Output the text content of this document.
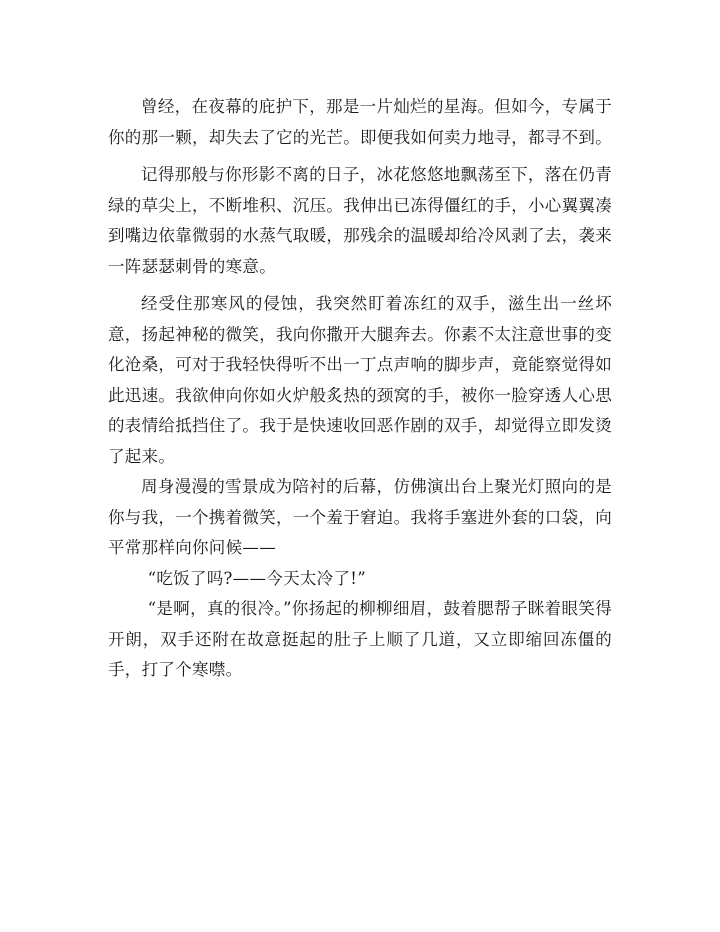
曾经，在夜幕的庇护下，那是一片灿烂的星海。但如今，专属于你的那一颗，却失去了它的光芒。即便我如何卖力地寻，都寻不到。

记得那般与你形影不离的日子，冰花悠悠地飘荡至下，落在仍青绿的草尖上，不断堆积、沉压。我伸出已冻得僵红的手，小心翼翼凑到嘴边依靠微弱的水蒸气取暖，那残余的温暖却给冷风剥了去，袭来一阵瑟瑟刺骨的寒意。

经受住那寒风的侵蚀，我突然盯着冻红的双手，滋生出一丝坏意，扬起神秘的微笑，我向你撒开大腿奔去。你素不太注意世事的变化沧桑，可对于我轻快得听不出一丁点声响的脚步声，竟能察觉得如此迅速。我欲伸向你如火炉般炙热的颈窝的手，被你一脸穿透人心思的表情给抵挡住了。我于是快速收回恶作剧的双手，却觉得立即发烫了起来。

周身漫漫的雪景成为陪衬的后幕，仿佛演出台上聚光灯照向的是你与我，一个携着微笑，一个羞于窘迫。我将手塞进外套的口袋，向平常那样向你问候——

“吃饭了吗?——今天太冷了!”

“是啊，真的很冷。”你扬起的柳柳细眉，鼓着腮帮子眯着眼笑得开朗，双手还附在故意挺起的肚子上顺了几道，又立即缩回冻僵的手，打了个寒噤。
